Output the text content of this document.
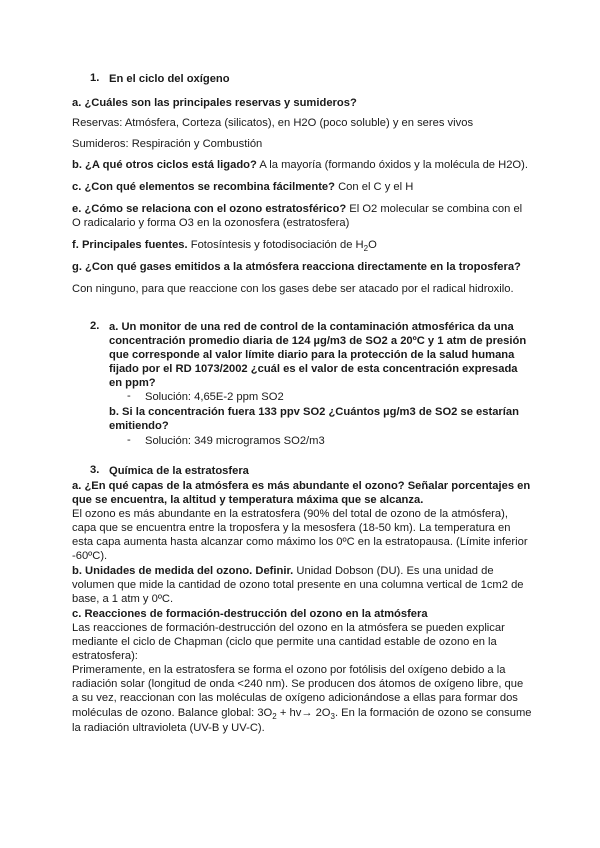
1. En el ciclo del oxígeno
a. ¿Cuáles son las principales reservas y sumideros?
Reservas: Atmósfera, Corteza (silicatos), en H2O (poco soluble) y en seres vivos
Sumideros: Respiración y Combustión
b. ¿A qué otros ciclos está ligado? A la mayoría (formando óxidos y la molécula de H2O).
c. ¿Con qué elementos se recombina fácilmente? Con el C y el H
e. ¿Cómo se relaciona con el ozono estratosférico? El O2 molecular se combina con el
O radicalario y forma O3 en la ozonosfera (estratosfera)
f. Principales fuentes. Fotosíntesis y fotodisociación de $H_2O$
g. ¿Con qué gases emitidos a la atmósfera reacciona directamente en la troposfera?
Con ninguno, para que reaccione con los gases debe ser atacado por el radical hidroxilo.
2. a. Un monitor de una red de control de la contaminación atmosférica da una
concentración promedio diaria de 124 µg/m3 de SO2 a 20ºC y 1 atm de presión
que corresponde al valor límite diario para la protección de la salud humana
fijado por el RD 1073/2002 ¿cuál es el valor de esta concentración expresada
en ppm?
- Solución: 4,65E-2 ppm SO2
b. Si la concentración fuera 133 ppv SO2 ¿Cuántos µg/m3 de SO2 se estarían
emitiendo?
- Solución: 349 microgramos SO2/m3
3. Química de la estratosfera
a. ¿En qué capas de la atmósfera es más abundante el ozono? Señalar porcentajes en
que se encuentra, la altitud y temperatura máxima que se alcanza.
El ozono es más abundante en la estratosfera (90% del total de ozono de la atmósfera),
capa que se encuentra entre la troposfera y la mesosfera (18-50 km). La temperatura en
esta capa aumenta hasta alcanzar como máximo los 0ºC en la estratopausa. (Límite inferior
-60ºC).
b. Unidades de medida del ozono. Definir. Unidad Dobson (DU). Es una unidad de
volumen que mide la cantidad de ozono total presente en una columna vertical de 1cm2 de
base, a 1 atm y 0ºC.
c. Reacciones de formación-destrucción del ozono en la atmósfera
Las reacciones de formación-destrucción del ozono en la atmósfera se pueden explicar
mediante el ciclo de Chapman (ciclo que permite una cantidad estable de ozono en la
estratosfera):
Primeramente, en la estratosfera se forma el ozono por fotólisis del oxígeno debido a la
radiación solar (longitud de onda <240 nm). Se producen dos átomos de oxígeno libre, que
a su vez, reaccionan con las moléculas de oxígeno adicionándose a ellas para formar dos
moléculas de ozono. Balance global: $3O_2 + hv\to 2O_3$. En la formación de ozono se consume
la radiación ultravioleta (UV-B y UV-C).
